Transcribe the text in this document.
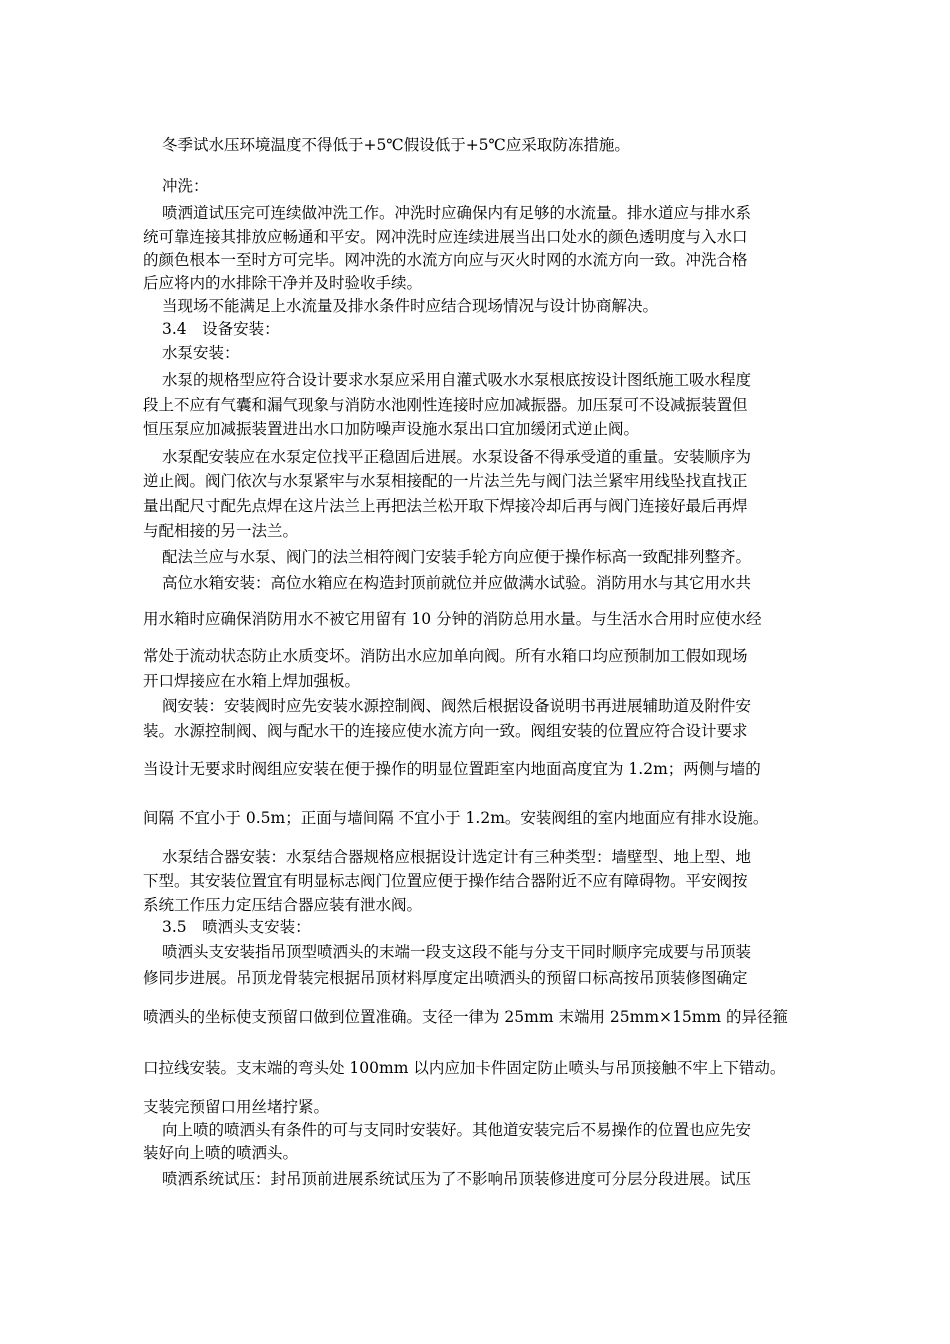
冬季试水压环境温度不得低于+5℃假设低于+5℃应采取防冻措施。

冲洗：

喷洒道试压完可连续做冲洗工作。冲洗时应确保内有足够的水流量。排水道应与排水系

统可靠连接其排放应畅通和平安。网冲洗时应连续进展当出口处水的颜色透明度与入水口

的颜色根本一至时方可完毕。网冲洗的水流方向应与灭火时网的水流方向一致。冲洗合格

后应将内的水排除干净并及时验收手续。

当现场不能满足上水流量及排水条件时应结合现场情况与设计协商解决。

3.4　设备安装：

水泵安装：

水泵的规格型应符合设计要求水泵应采用自灌式吸水水泵根底按设计图纸施工吸水程度

段上不应有气囊和漏气现象与消防水池刚性连接时应加减振器。加压泵可不设减振装置但

恒压泵应加减振装置进出水口加防噪声设施水泵出口宜加缓闭式逆止阀。

水泵配安装应在水泵定位找平正稳固后进展。水泵设备不得承受道的重量。安装顺序为

逆止阀。阀门依次与水泵紧牢与水泵相接配的一片法兰先与阀门法兰紧牢用线坠找直找正

量出配尺寸配先点焊在这片法兰上再把法兰松开取下焊接冷却后再与阀门连接好最后再焊

与配相接的另一法兰。

配法兰应与水泵、阀门的法兰相符阀门安装手轮方向应便于操作标高一致配排列整齐。

高位水箱安装：高位水箱应在构造封顶前就位并应做满水试验。消防用水与其它用水共

用水箱时应确保消防用水不被它用留有 10 分钟的消防总用水量。与生活水合用时应使水经

常处于流动状态防止水质变坏。消防出水应加单向阀。所有水箱口均应预制加工假如现场

开口焊接应在水箱上焊加强板。

阀安装：安装阀时应先安装水源控制阀、阀然后根据设备说明书再进展辅助道及附件安

装。水源控制阀、阀与配水干的连接应使水流方向一致。阀组安装的位置应符合设计要求

当设计无要求时阀组应安装在便于操作的明显位置距室内地面高度宜为 1.2m；两侧与墙的

间隔 不宜小于 0.5m；正面与墙间隔 不宜小于 1.2m。安装阀组的室内地面应有排水设施。

水泵结合器安装：水泵结合器规格应根据设计选定计有三种类型：墙壁型、地上型、地

下型。其安装位置宜有明显标志阀门位置应便于操作结合器附近不应有障碍物。平安阀按

系统工作压力定压结合器应装有泄水阀。

3.5　喷洒头支安装：

喷洒头支安装指吊顶型喷洒头的末端一段支这段不能与分支干同时顺序完成要与吊顶装

修同步进展。吊顶龙骨装完根据吊顶材料厚度定出喷洒头的预留口标高按吊顶装修图确定

喷洒头的坐标使支预留口做到位置准确。支径一律为 25mm 末端用 25mm×15mm 的异径箍

口拉线安装。支末端的弯头处 100mm 以内应加卡件固定防止喷头与吊顶接触不牢上下错动。

支装完预留口用丝堵拧紧。

向上喷的喷洒头有条件的可与支同时安装好。其他道安装完后不易操作的位置也应先安

装好向上喷的喷洒头。

喷洒系统试压：封吊顶前进展系统试压为了不影响吊顶装修进度可分层分段进展。试压
